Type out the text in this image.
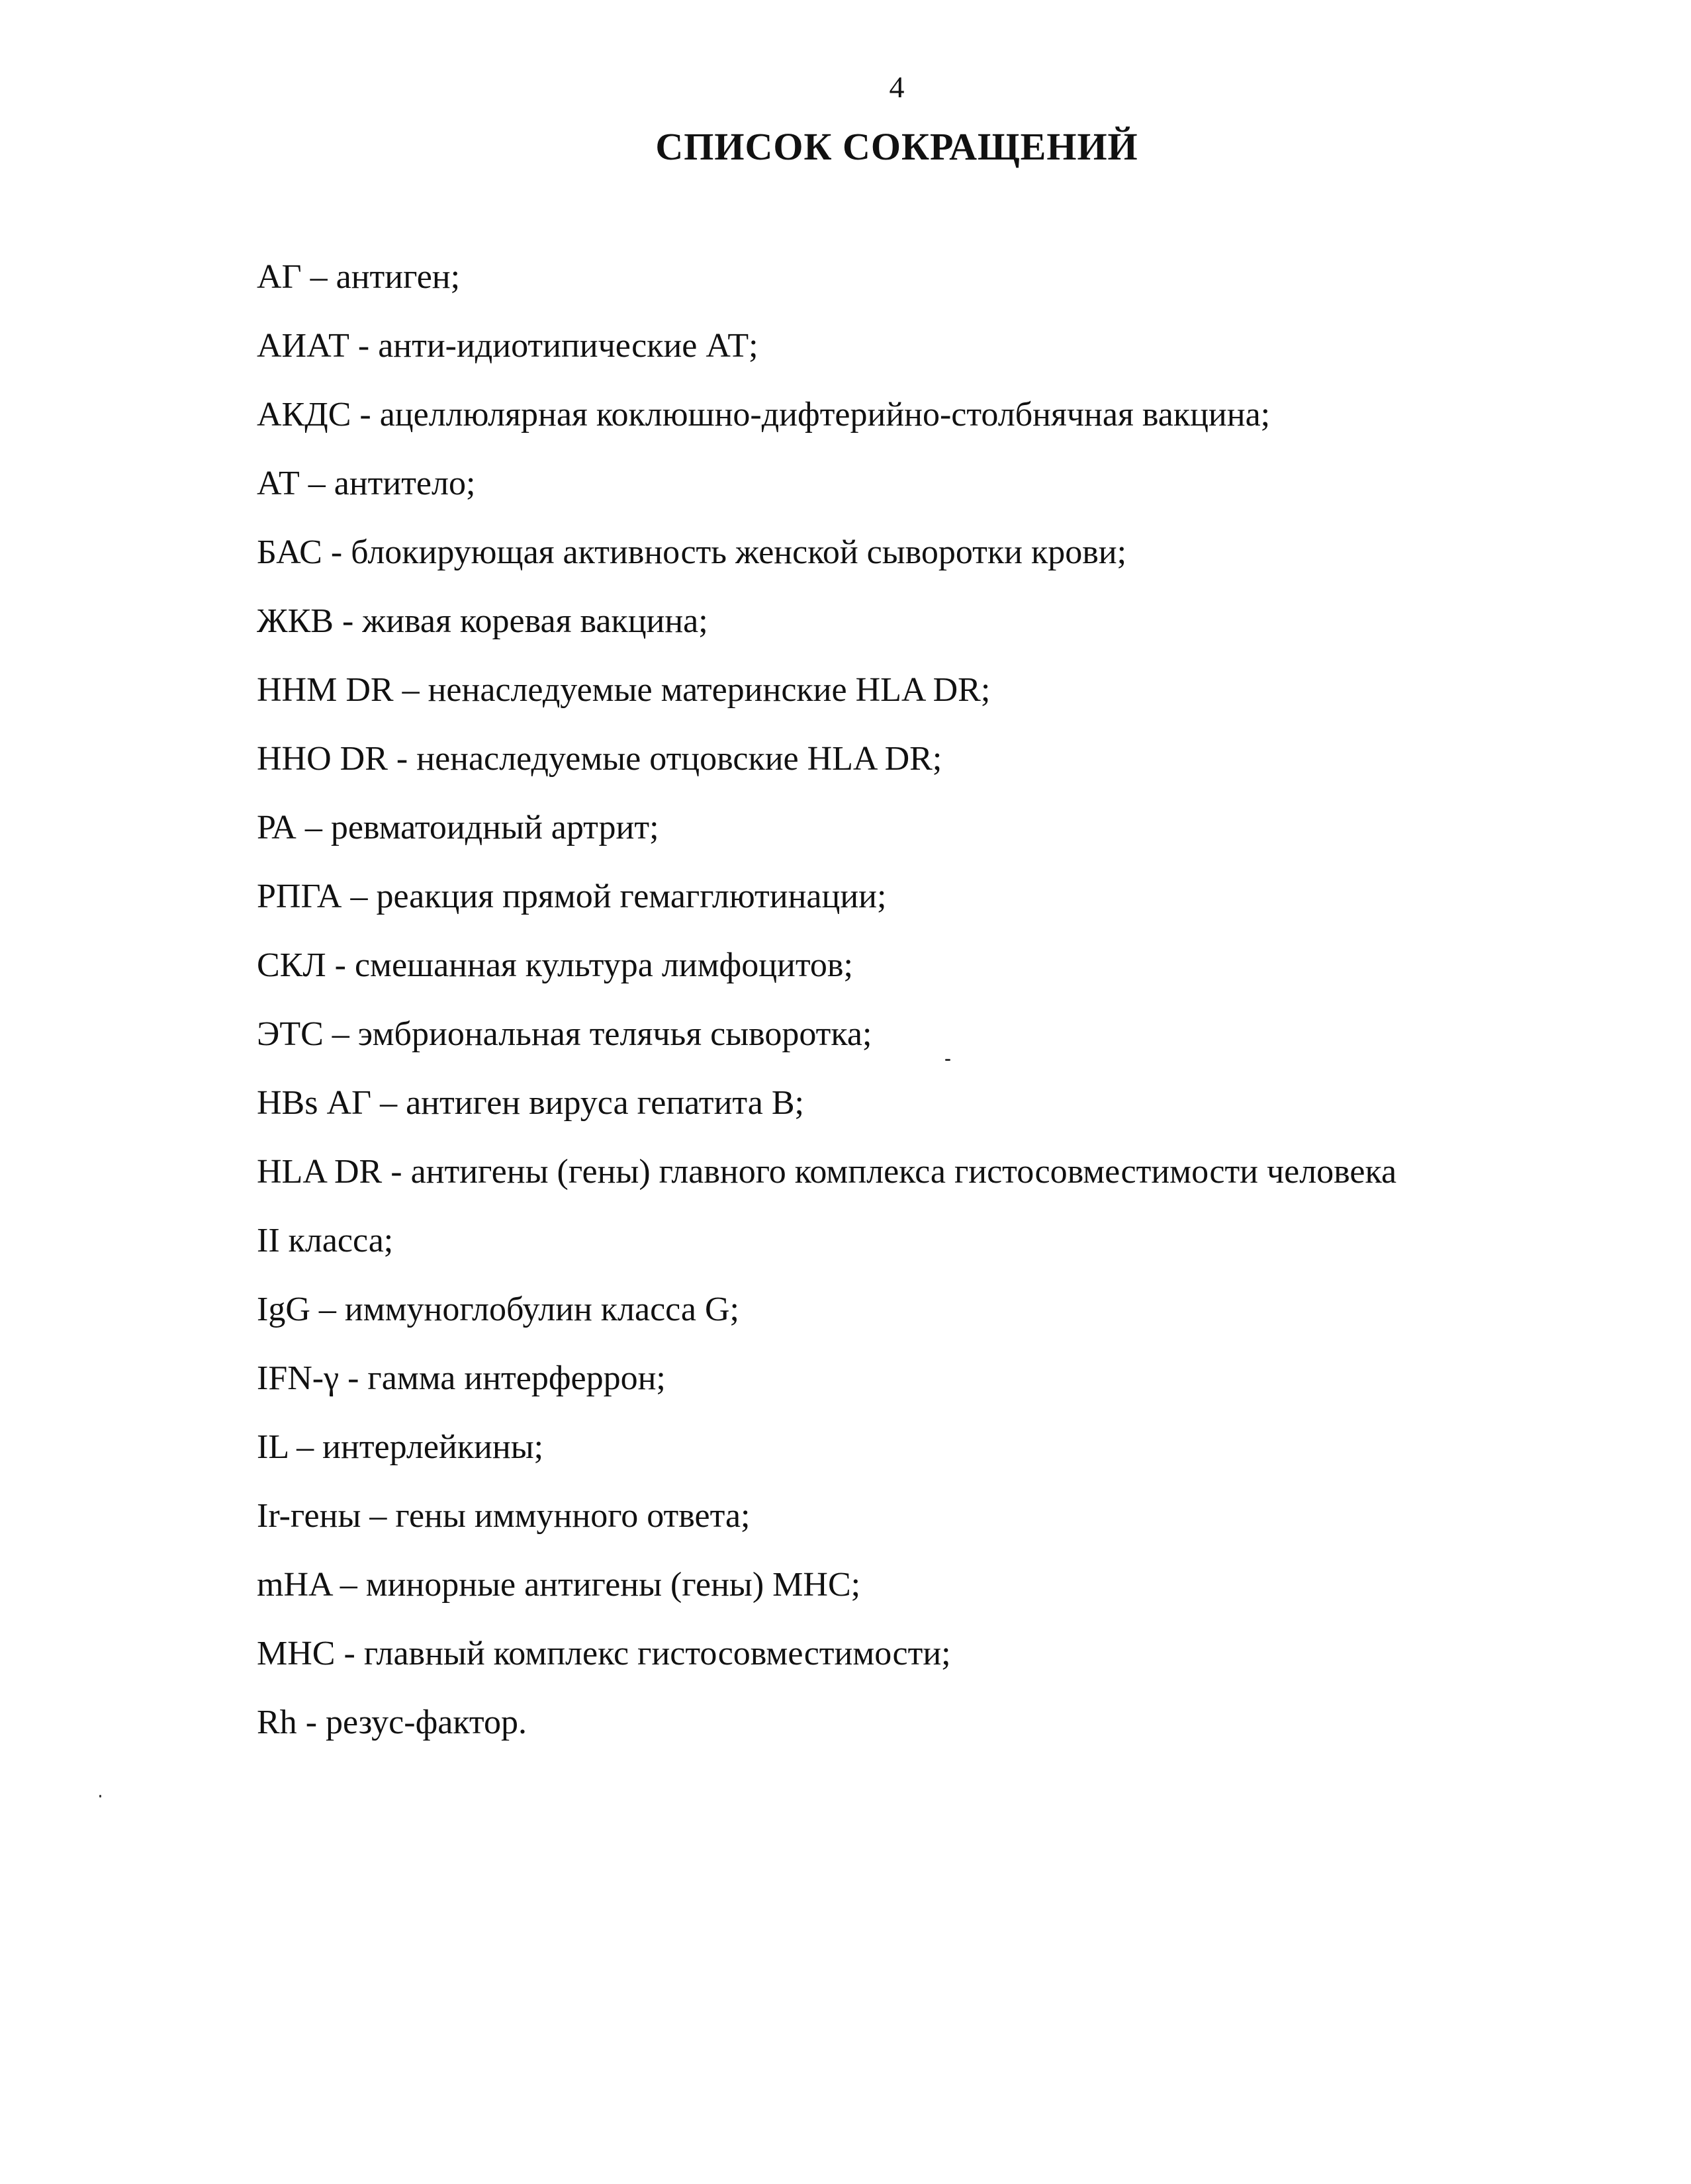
4
СПИСОК СОКРАЩЕНИЙ
АГ – антиген;
АИАТ - анти-идиотипические АТ;
АКДС - ацеллюлярная коклюшно-дифтерийно-столбнячная вакцина;
АТ – антитело;
БАС - блокирующая активность женской сыворотки крови;
ЖКВ - живая коревая вакцина;
ННМ DR – ненаследуемые материнские HLA DR;
ННО DR - ненаследуемые отцовские HLA DR;
РА – ревматоидный артрит;
РПГА – реакция прямой гемагглютинации;
СКЛ - смешанная культура лимфоцитов;
ЭТС – эмбриональная телячья сыворотка;
HBs АГ – антиген вируса гепатита В;
HLA DR - антигены (гены) главного комплекса гистосовместимости человека
II класса;
IgG – иммуноглобулин класса G;
IFN-γ - гамма интерферрон;
IL – интерлейкины;
Ir-гены – гены иммунного ответа;
mHA – минорные антигены (гены) МНС;
МНС - главный комплекс гистосовместимости;
Rh - резус-фактор.
